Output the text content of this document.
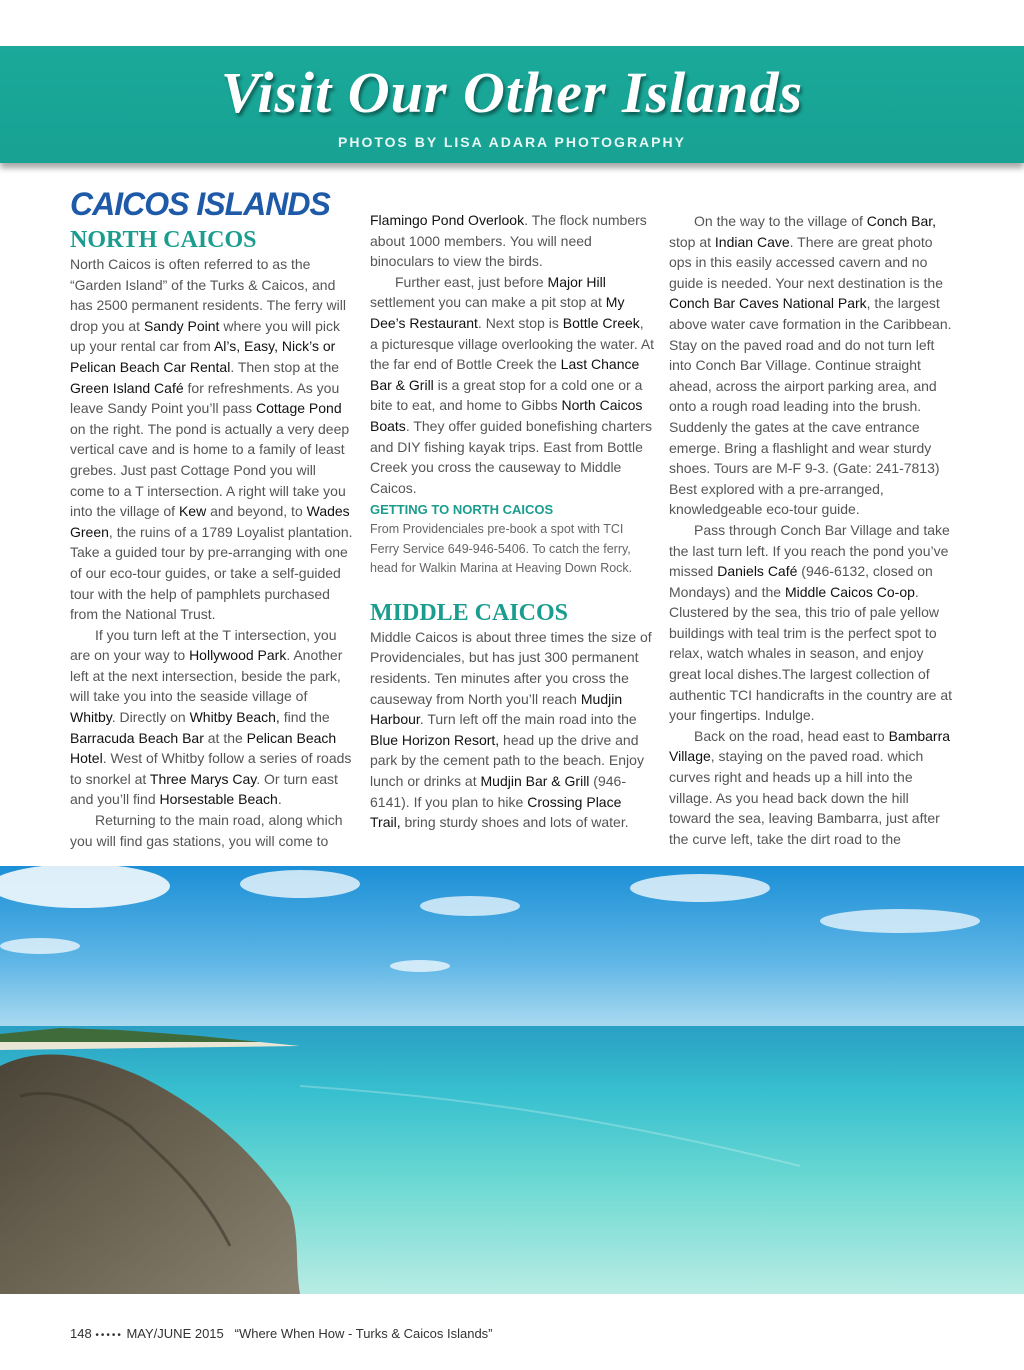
Visit Our Other Islands
PHOTOS BY LISA ADARA PHOTOGRAPHY
CAICOS ISLANDS
NORTH CAICOS

North Caicos is often referred to as the “Garden Island” of the Turks & Caicos, and has 2500 permanent residents. The ferry will drop you at Sandy Point where you will pick up your rental car from Al’s, Easy, Nick’s or Pelican Beach Car Rental. Then stop at the Green Island Café for refreshments. As you leave Sandy Point you’ll pass Cottage Pond on the right. The pond is actually a very deep vertical cave and is home to a family of least grebes. Just past Cottage Pond you will come to a T intersection. A right will take you into the village of Kew and beyond, to Wades Green, the ruins of a 1789 Loyalist plantation. Take a guided tour by pre-arranging with one of our eco-tour guides, or take a self-guided tour with the help of pamphlets purchased from the National Trust.

If you turn left at the T intersection, you are on your way to Hollywood Park. Another left at the next intersection, beside the park, will take you into the seaside village of Whitby. Directly on Whitby Beach, find the Barracuda Beach Bar at the Pelican Beach Hotel. West of Whitby follow a series of roads to snorkel at Three Marys Cay. Or turn east and you’ll find Horsestable Beach.

Returning to the main road, along which you will find gas stations, you will come to

Flamingo Pond Overlook. The flock numbers about 1000 members. You will need binoculars to view the birds.

Further east, just before Major Hill settlement you can make a pit stop at My Dee’s Restaurant. Next stop is Bottle Creek, a picturesque village overlooking the water. At the far end of Bottle Creek the Last Chance Bar & Grill is a great stop for a cold one or a bite to eat, and home to Gibbs North Caicos Boats. They offer guided bonefishing charters and DIY fishing kayak trips. East from Bottle Creek you cross the causeway to Middle Caicos.

GETTING TO NORTH CAICOS
From Providenciales pre-book a spot with TCI Ferry Service 649-946-5406. To catch the ferry, head for Walkin Marina at Heaving Down Rock.
MIDDLE CAICOS

Middle Caicos is about three times the size of Providenciales, but has just 300 permanent residents. Ten minutes after you cross the causeway from North you’ll reach Mudjin Harbour. Turn left off the main road into the Blue Horizon Resort, head up the drive and park by the cement path to the beach. Enjoy lunch or drinks at Mudjin Bar & Grill (946-6141). If you plan to hike Crossing Place Trail, bring sturdy shoes and lots of water.

On the way to the village of Conch Bar, stop at Indian Cave. There are great photo ops in this easily accessed cavern and no guide is needed. Your next destination is the Conch Bar Caves National Park, the largest above water cave formation in the Caribbean. Stay on the paved road and do not turn left into Conch Bar Village. Continue straight ahead, across the airport parking area, and onto a rough road leading into the brush. Suddenly the gates at the cave entrance emerge. Bring a flashlight and wear sturdy shoes. Tours are M-F 9-3. (Gate: 241-7813) Best explored with a pre-arranged, knowledgeable eco-tour guide.

Pass through Conch Bar Village and take the last turn left. If you reach the pond you’ve missed Daniels Café (946-6132, closed on Mondays) and the Middle Caicos Co-op. Clustered by the sea, this trio of pale yellow buildings with teal trim is the perfect spot to relax, watch whales in season, and enjoy great local dishes.The largest collection of authentic TCI handicrafts in the country are at your fingertips. Indulge.

Back on the road, head east to Bambarra Village, staying on the paved road. which curves right and heads up a hill into the village. As you head back down the hill toward the sea, leaving Bambarra, just after the curve left, take the dirt road to the

148 ••••• MAY/JUNE 2015 “Where When How - Turks & Caicos Islands”
